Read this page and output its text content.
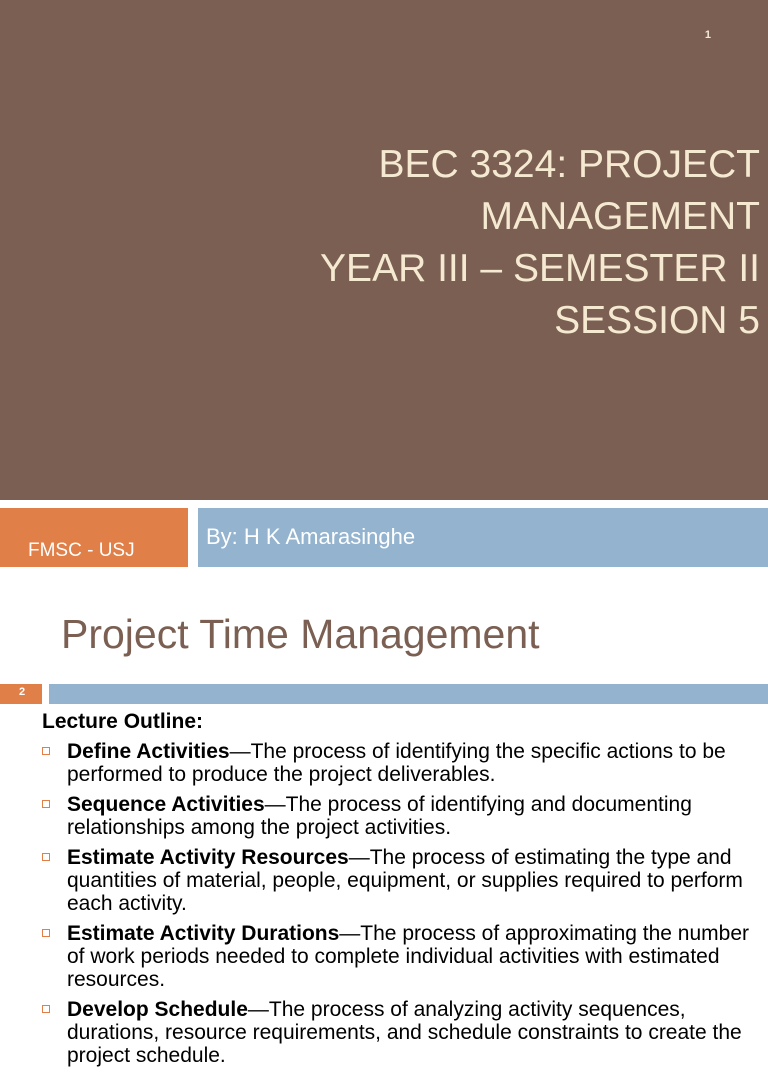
1
BEC 3324: PROJECT
MANAGEMENT
YEAR III – SEMESTER II
SESSION 5
FMSC - USJ
By: H K Amarasinghe
Project Time Management
2
Lecture Outline:
Define Activities—The process of identifying the specific actions to be performed to produce the project deliverables.
Sequence Activities—The process of identifying and documenting relationships among the project activities.
Estimate Activity Resources—The process of estimating the type and quantities of material, people, equipment, or supplies required to perform each activity.
Estimate Activity Durations—The process of approximating the number of work periods needed to complete individual activities with estimated resources.
Develop Schedule—The process of analyzing activity sequences, durations, resource requirements, and schedule constraints to create the project schedule.
